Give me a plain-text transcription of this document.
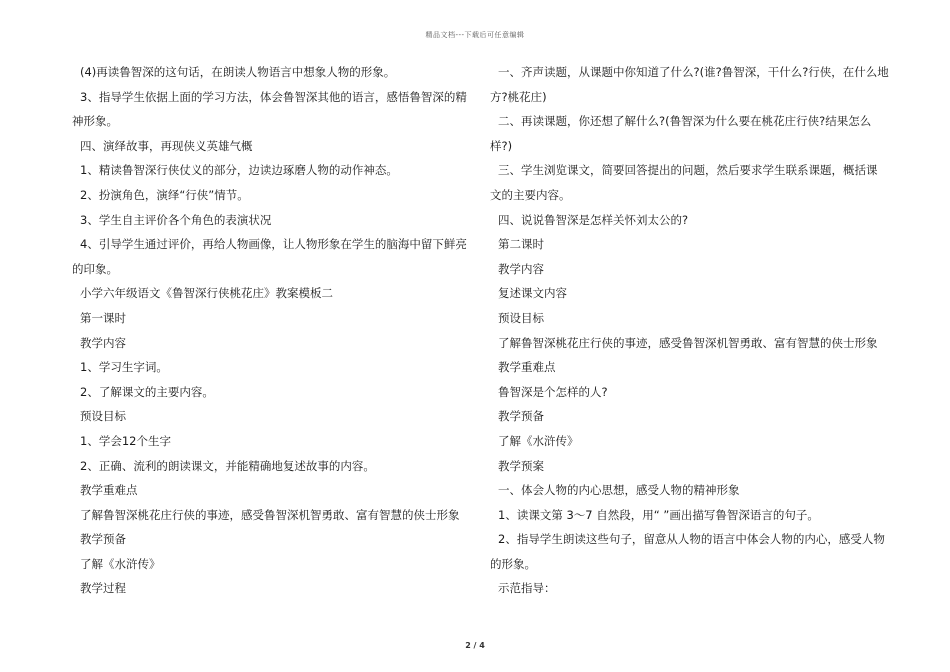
精品文档---下载后可任意编辑

(4)再读鲁智深的这句话，在朗读人物语言中想象人物的形象。

3、指导学生依据上面的学习方法，体会鲁智深其他的语言，感悟鲁智深的精

神形象。

四、演绎故事，再现侠义英雄气概

1、精读鲁智深行侠仗义的部分，边读边琢磨人物的动作神态。

2、扮演角色，演绎“行侠”情节。

3、学生自主评价各个角色的表演状况

4、引导学生通过评价，再给人物画像，让人物形象在学生的脑海中留下鲜亮

的印象。

小学六年级语文《鲁智深行侠桃花庄》教案模板二

第一课时

教学内容

1、学习生字词。

2、了解课文的主要内容。

预设目标

1、学会12个生字

2、正确、流利的朗读课文，并能精确地复述故事的内容。

教学重难点

了解鲁智深桃花庄行侠的事迹，感受鲁智深机智勇敢、富有智慧的侠士形象

教学预备

了解《水浒传》

教学过程

一、齐声读题，从课题中你知道了什么?(谁?鲁智深，干什么?行侠，在什么地

方?桃花庄)

二、再读课题，你还想了解什么?(鲁智深为什么要在桃花庄行侠?结果怎么

样?)

三、学生浏览课文，简要回答提出的问题，然后要求学生联系课题，概括课

文的主要内容。

四、说说鲁智深是怎样关怀刘太公的?

第二课时

教学内容

复述课文内容

预设目标

了解鲁智深桃花庄行侠的事迹，感受鲁智深机智勇敢、富有智慧的侠士形象

教学重难点

鲁智深是个怎样的人?

教学预备

了解《水浒传》

教学预案

一、体会人物的内心思想，感受人物的精神形象

1、读课文第 3～7 自然段，用“ ”画出描写鲁智深语言的句子。

2、指导学生朗读这些句子，留意从人物的语言中体会人物的内心，感受人物

的形象。

示范指导：

2 / 4
